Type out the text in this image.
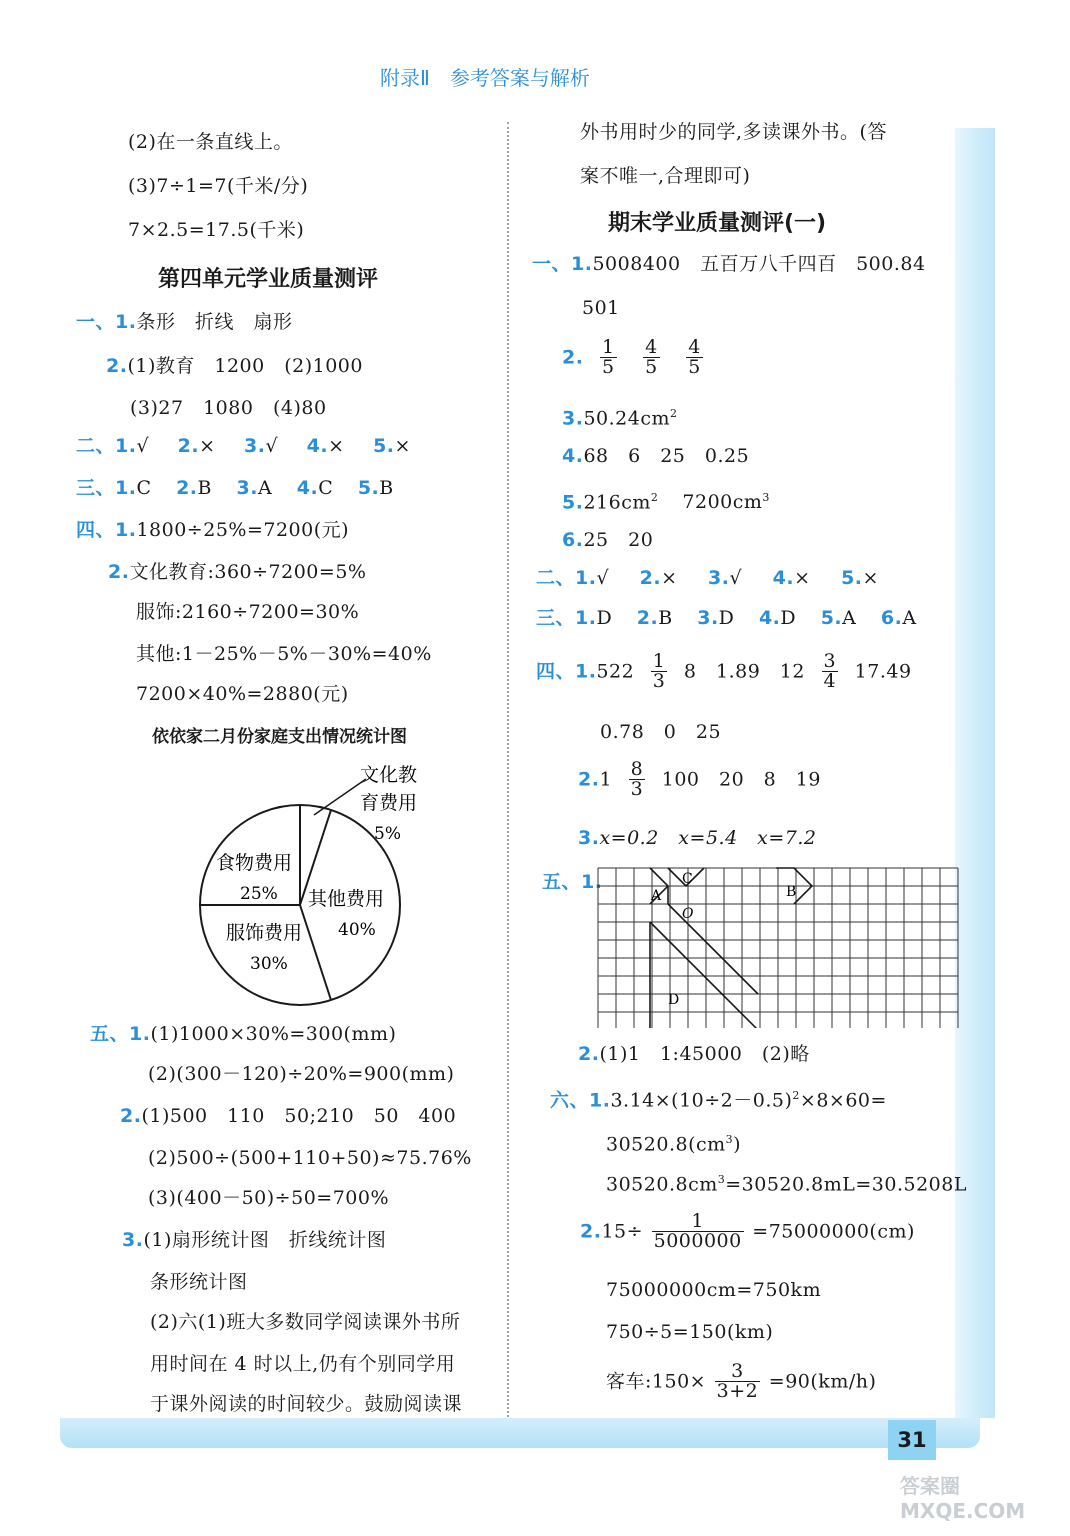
附录Ⅱ　参考答案与解析
(2)在一条直线上。
(3)7÷1=7(千米/分)
7×2.5=17.5(千米)
第四单元学业质量测评
一、1.条形　折线　扇形
2.(1)教育　1200　(2)1000
(3)27　1080　(4)80
二、1.√ 2.× 3.√ 4.× 5.×
三、1.C 2.B 3.A 4.C 5.B
四、1.1800÷25%=7200(元)
2.文化教育:360÷7200=5%
服饰:2160÷7200=30%
其他:1－25%－5%－30%=40%
7200×40%=2880(元)
依依家二月份家庭支出情况统计图
文化教
育费用
5%
食物费用
25% 其他费用
40%
服饰费用
30%
五、1.(1)1000×30%=300(mm)
(2)(300－120)÷20%=900(mm)
2.(1)500　110　50;210　50　400
(2)500÷(500+110+50)≈75.76%
(3)(400－50)÷50=700%
3.(1)扇形统计图　折线统计图
条形统计图
(2)六(1)班大多数同学阅读课外书所
用时间在 4 时以上,仍有个别同学用
于课外阅读的时间较少。鼓励阅读课
外书用时少的同学,多读课外书。(答
案不唯一,合理即可)
期末学业质量测评(一)
一、1.5008400　五百万八千四百　500.84
501
2. $\frac{1}{5}$
$\frac{4}{5}$
$\frac{4}{5}$
$3.50.24cm^2$
4.68　6　25　0.25
$5.216cm^2$ $7200cm^3$
6.25　20
二、1.√ 2.× 3.√ 4.× 5.×
三、1.D 2.B 3.D 4.D 5.A 6.A
四、$1.522 \frac{1}{3} 8$　1.89　$12 \frac{3}{4} 17.49$
0.78　0　25
$2.1 \frac{8}{3} 100$　20　8　19
3.x=0.2　x=5.4　x=7.2
五、1.
A
C
O
B
D
2.(1)1　1:45000　(2)略
六、$1.3.14\times(10\div 2-0.5)^2\times 8\times 60=$
$30520.8(cm^3)$
$30520.8cm^3=30520.8mL=30.5208L$
$2.15\div \frac{1}{5000000} =75000000(cm)$
75000000cm=750km
750÷5=150(km)
客车:150× $\frac{3}{3+2} =90(km/h)$
31
答案圈 MXQE.COM
